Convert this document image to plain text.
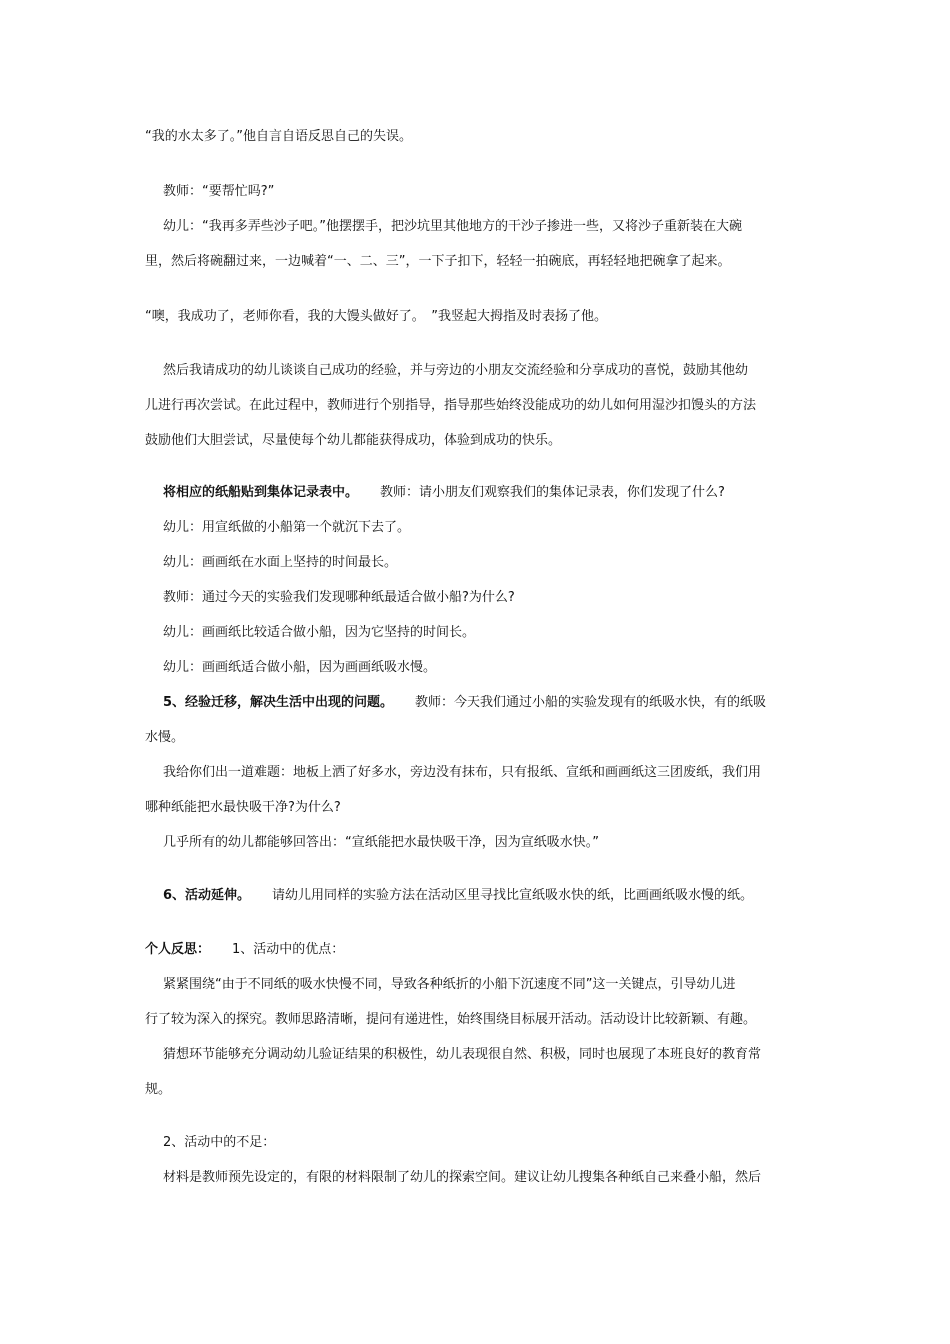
“我的水太多了。”他自言自语反思自己的失误。
教师：“要帮忙吗?”
幼儿：“我再多弄些沙子吧。”他摆摆手，把沙坑里其他地方的干沙子掺进一些，又将沙子重新装在大碗
里，然后将碗翻过来，一边喊着“一、二、三”，一下子扣下，轻轻一拍碗底，再轻轻地把碗拿了起来。
“噢，我成功了，老师你看，我的大馒头做好了。　”我竖起大拇指及时表扬了他。
然后我请成功的幼儿谈谈自己成功的经验，并与旁边的小朋友交流经验和分享成功的喜悦，鼓励其他幼
儿进行再次尝试。在此过程中，教师进行个别指导，指导那些始终没能成功的幼儿如何用湿沙扣馒头的方法
鼓励他们大胆尝试，尽量使每个幼儿都能获得成功，体验到成功的快乐。
将相应的纸船贴到集体记录表中。 教师：请小朋友们观察我们的集体记录表，你们发现了什么?
幼儿：用宣纸做的小船第一个就沉下去了。
幼儿：画画纸在水面上坚持的时间最长。
教师：通过今天的实验我们发现哪种纸最适合做小船?为什么?
幼儿：画画纸比较适合做小船，因为它坚持的时间长。
幼儿：画画纸适合做小船，因为画画纸吸水慢。
5、经验迁移，解决生活中出现的问题。 教师：今天我们通过小船的实验发现有的纸吸水快，有的纸吸
水慢。
我给你们出一道难题：地板上洒了好多水，旁边没有抹布，只有报纸、宣纸和画画纸这三团废纸，我们用
哪种纸能把水最快吸干净?为什么?
几乎所有的幼儿都能够回答出：“宣纸能把水最快吸干净，因为宣纸吸水快。”
6、活动延伸。 请幼儿用同样的实验方法在活动区里寻找比宣纸吸水快的纸，比画画纸吸水慢的纸。
个人反思： 1、活动中的优点：
紧紧围绕“由于不同纸的吸水快慢不同，导致各种纸折的小船下沉速度不同”这一关键点，引导幼儿进
行了较为深入的探究。教师思路清晰，提问有递进性，始终围绕目标展开活动。活动设计比较新颖、有趣。
猜想环节能够充分调动幼儿验证结果的积极性，幼儿表现很自然、积极，同时也展现了本班良好的教育常
规。
2、活动中的不足：
材料是教师预先设定的，有限的材料限制了幼儿的探索空间。建议让幼儿搜集各种纸自己来叠小船，然后
